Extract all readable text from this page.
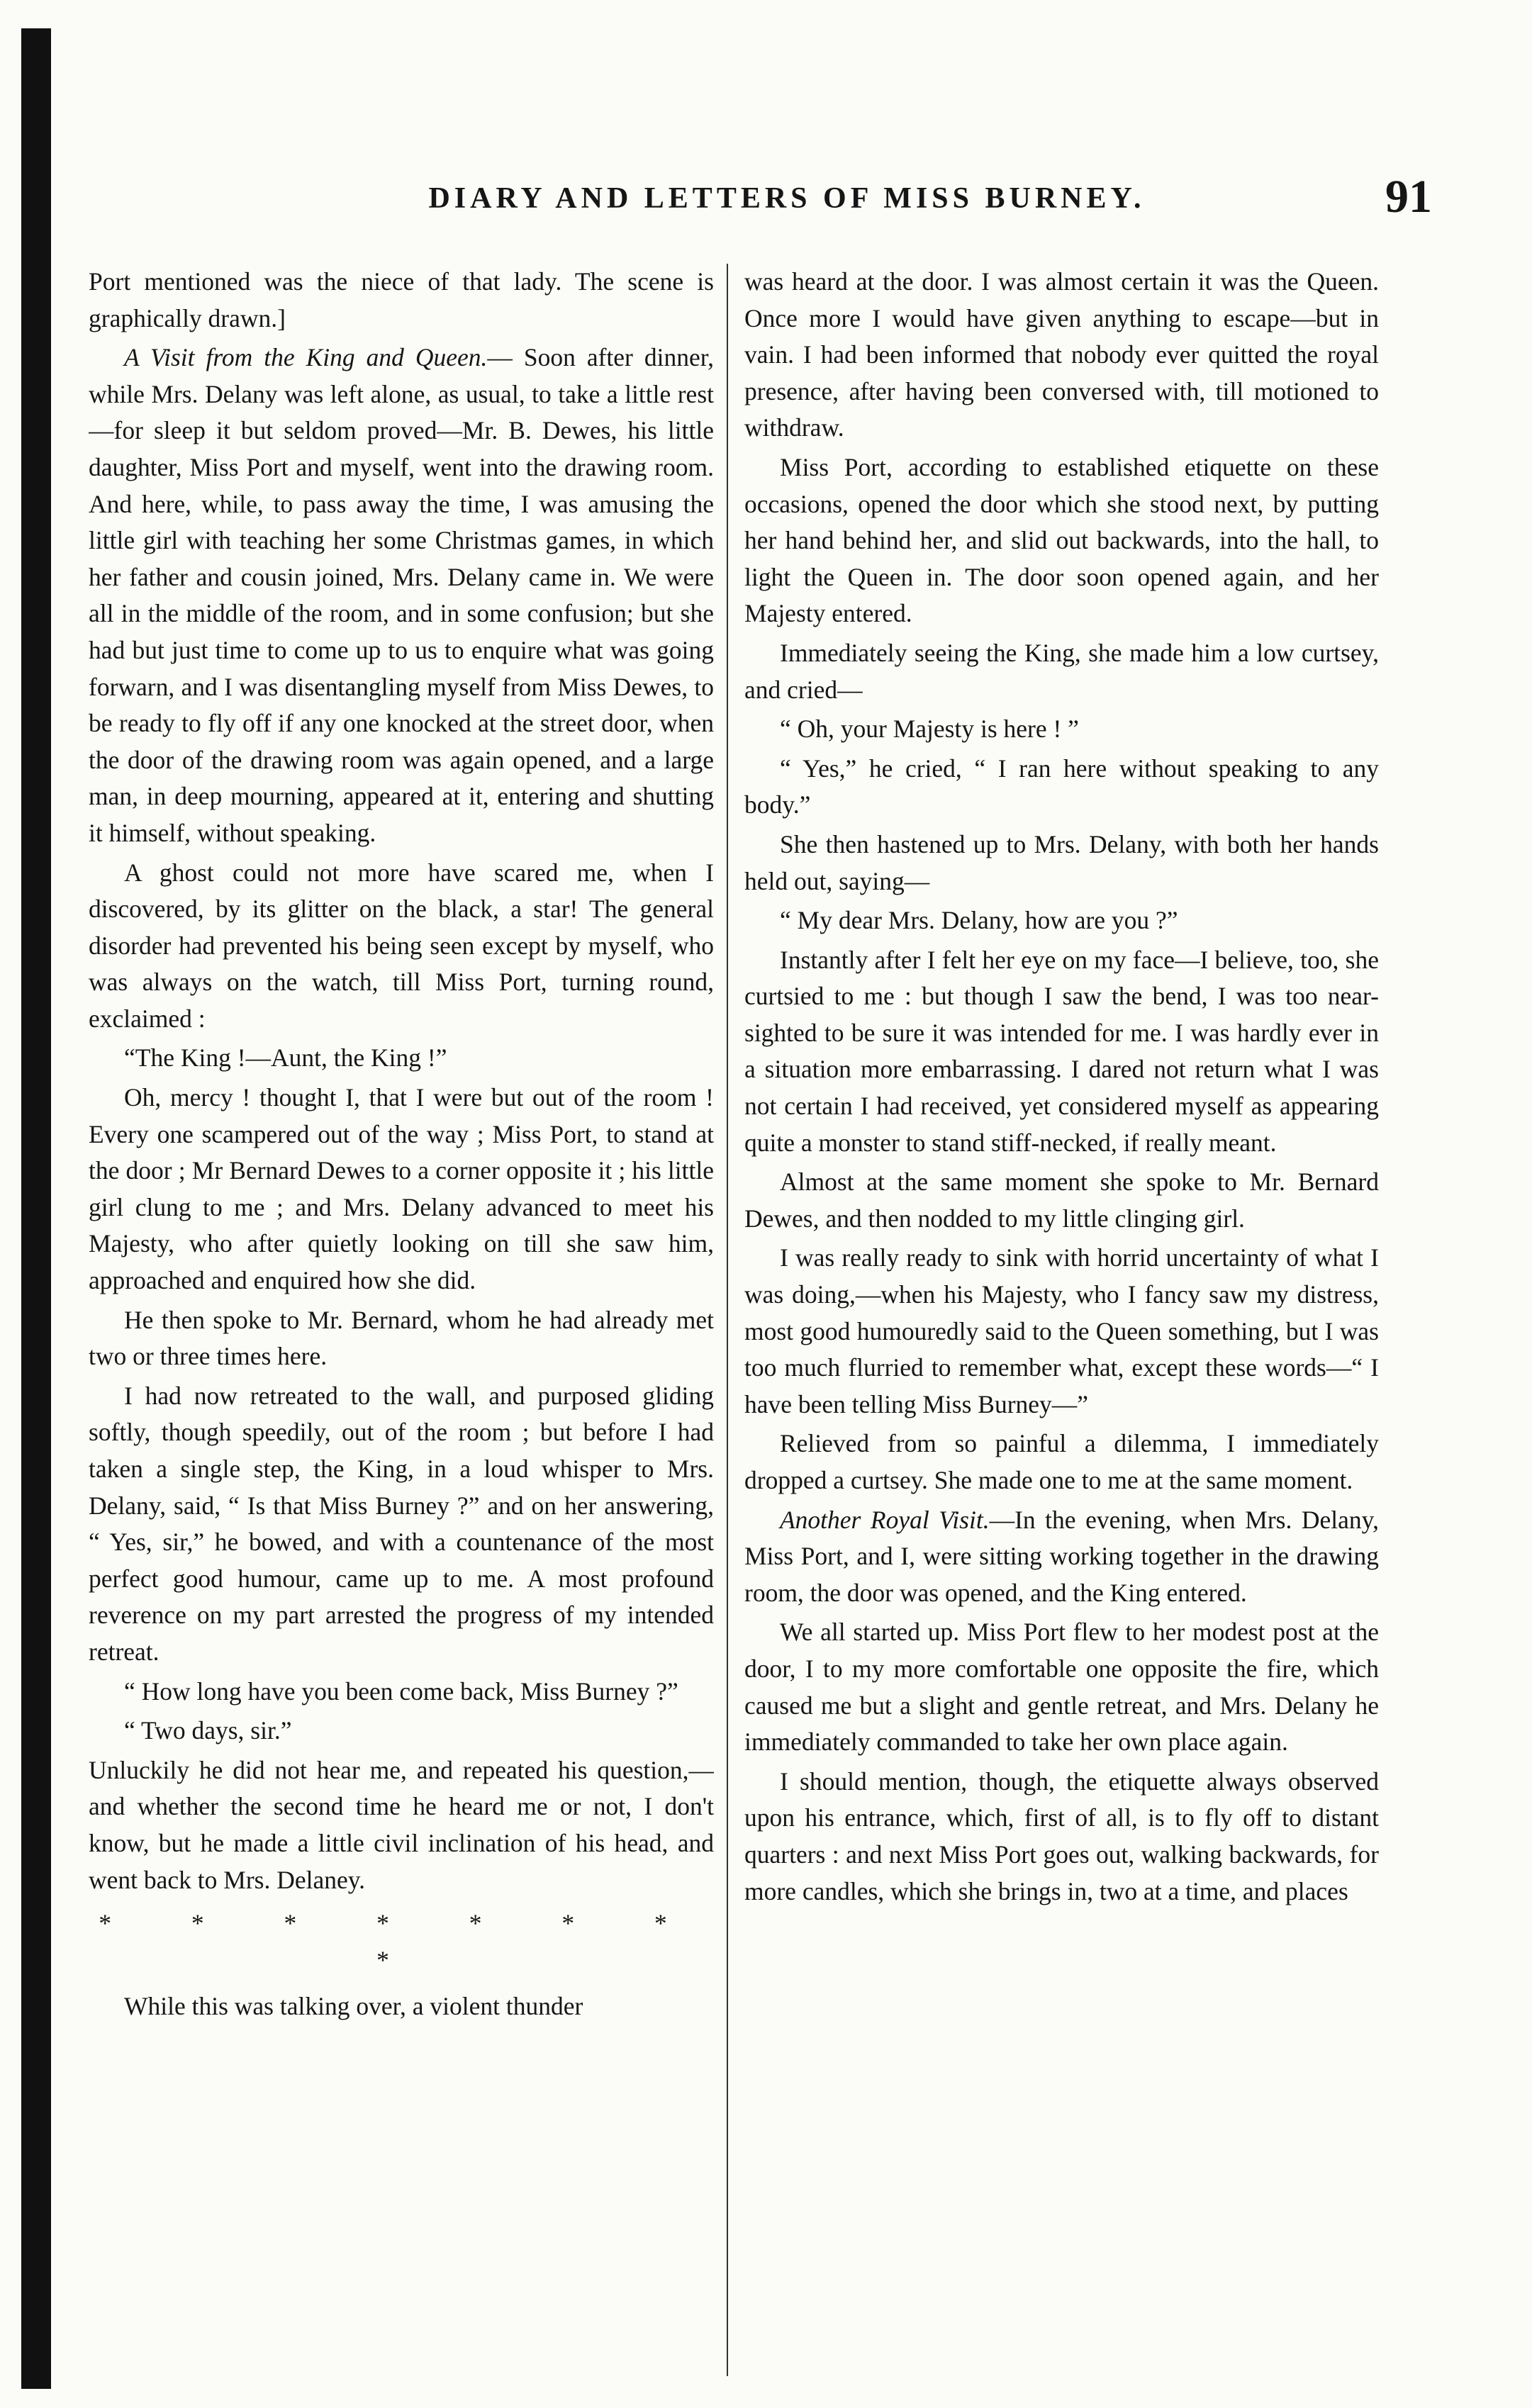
DIARY AND LETTERS OF MISS BURNEY.	91

Port mentioned was the niece of that lady. The scene is graphically drawn.]

A Visit from the King and Queen.— Soon after dinner, while Mrs. Delany was left alone, as usual, to take a little rest—for sleep it but seldom proved—Mr. B. Dewes, his little daughter, Miss Port and myself, went into the drawing room. And here, while, to pass away the time, I was amusing the little girl with teaching her some Christmas games, in which her father and cousin joined, Mrs. Delany came in. We were all in the middle of the room, and in some confusion; but she had but just time to come up to us to enquire what was going forwarn, and I was disentangling myself from Miss Dewes, to be ready to fly off if any one knocked at the street door, when the door of the drawing room was again opened, and a large man, in deep mourning, appeared at it, entering and shutting it himself, without speaking.

A ghost could not more have scared me, when I discovered, by its glitter on the black, a star! The general disorder had prevented his being seen except by myself, who was always on the watch, till Miss Port, turning round, exclaimed :

“The King !—Aunt, the King !”

Oh, mercy ! thought I, that I were but out of the room ! Every one scampered out of the way ; Miss Port, to stand at the door ; Mr Bernard Dewes to a corner opposite it ; his little girl clung to me ; and Mrs. Delany advanced to meet his Majesty, who after quietly looking on till she saw him, approached and enquired how she did.

He then spoke to Mr. Bernard, whom he had already met two or three times here.

I had now retreated to the wall, and purposed gliding softly, though speedily, out of the room ; but before I had taken a single step, the King, in a loud whisper to Mrs. Delany, said, “ Is that Miss Burney ?” and on her answering, “ Yes, sir,” he bowed, and with a countenance of the most perfect good humour, came up to me. A most profound reverence on my part arrested the progress of my intended retreat.

“ How long have you been come back, Miss Burney ?”

“ Two days, sir.”

Unluckily he did not hear me, and repeated his question,—and whether the second time he heard me or not, I don't know, but he made a little civil inclination of his head, and went back to Mrs. Delaney.

* * * * * * * *

While this was talking over, a violent thunder

was heard at the door. I was almost certain it was the Queen. Once more I would have given anything to escape—but in vain. I had been informed that nobody ever quitted the royal presence, after having been conversed with, till motioned to withdraw.

Miss Port, according to established etiquette on these occasions, opened the door which she stood next, by putting her hand behind her, and slid out backwards, into the hall, to light the Queen in. The door soon opened again, and her Majesty entered.

Immediately seeing the King, she made him a low curtsey, and cried—

“ Oh, your Majesty is here ! ”

“ Yes,” he cried, “ I ran here without speaking to any body.”

She then hastened up to Mrs. Delany, with both her hands held out, saying—

“ My dear Mrs. Delany, how are you ?”

Instantly after I felt her eye on my face—I believe, too, she curtsied to me : but though I saw the bend, I was too near-sighted to be sure it was intended for me. I was hardly ever in a situation more embarrassing. I dared not return what I was not certain I had received, yet considered myself as appearing quite a monster to stand stiff-necked, if really meant.

Almost at the same moment she spoke to Mr. Bernard Dewes, and then nodded to my little clinging girl.

I was really ready to sink with horrid uncertainty of what I was doing,—when his Majesty, who I fancy saw my distress, most good humouredly said to the Queen something, but I was too much flurried to remember what, except these words—“ I have been telling Miss Burney—”

Relieved from so painful a dilemma, I immediately dropped a curtsey. She made one to me at the same moment.

Another Royal Visit.—In the evening, when Mrs. Delany, Miss Port, and I, were sitting working together in the drawing room, the door was opened, and the King entered.

We all started up. Miss Port flew to her modest post at the door, I to my more comfortable one opposite the fire, which caused me but a slight and gentle retreat, and Mrs. Delany he immediately commanded to take her own place again.

I should mention, though, the etiquette always observed upon his entrance, which, first of all, is to fly off to distant quarters : and next Miss Port goes out, walking backwards, for more candles, which she brings in, two at a time, and places
